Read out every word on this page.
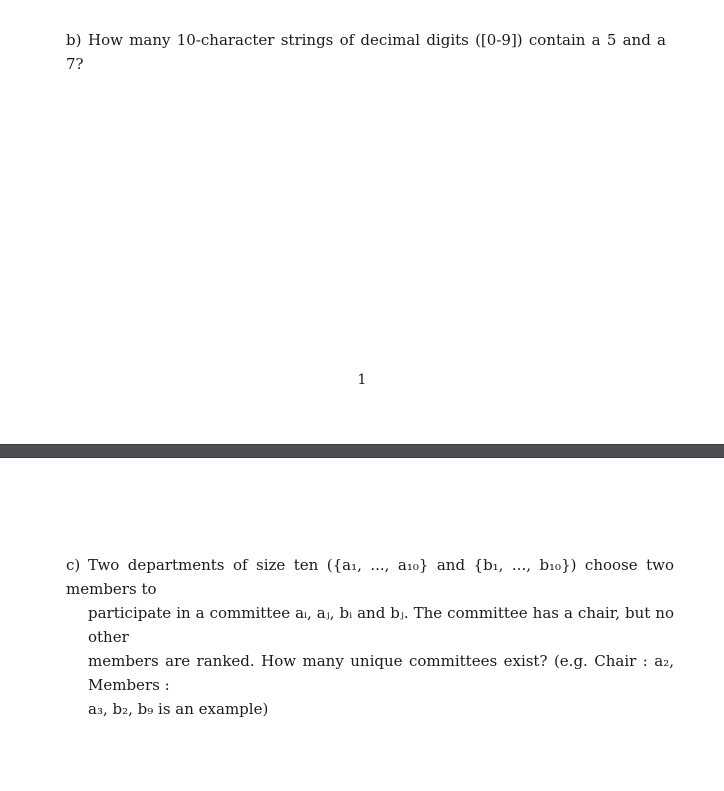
b) How many 10-character strings of decimal digits ([0-9]) contain a 5 and a 7?
1
c) Two departments of size ten ({a₁, ..., a₁₀} and {b₁, ..., b₁₀}) choose two members to
participate in a committee aᵢ, aⱼ, bᵢ and bⱼ. The committee has a chair, but no other
members are ranked. How many unique committees exist? (e.g. Chair : a₂, Members :
a₃, b₂, b₉ is an example)
